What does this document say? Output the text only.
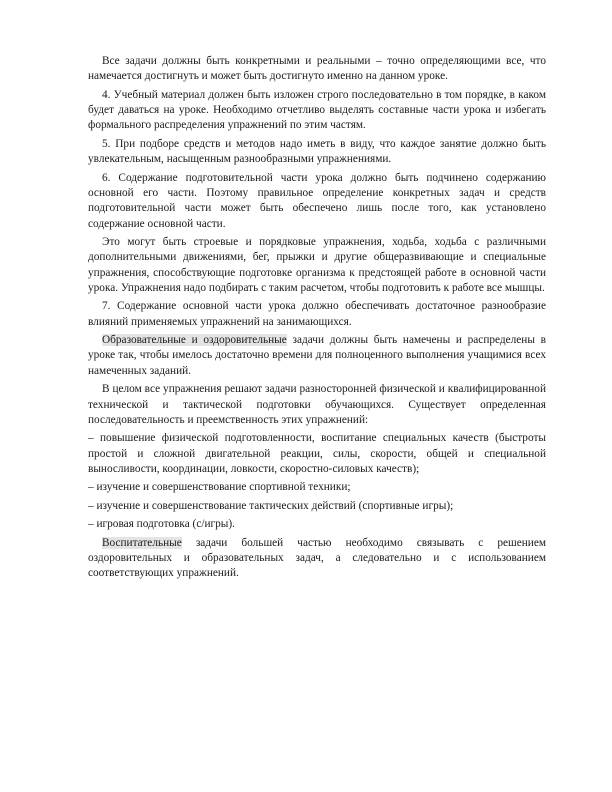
Все задачи должны быть конкретными и реальными – точно определяющими все, что намечается достигнуть и может быть достигнуто именно на данном уроке.

4. Учебный материал должен быть изложен строго последовательно в том порядке, в каком будет даваться на уроке. Необходимо отчетливо выделять составные части урока и избегать формального распределения упражнений по этим частям.

5. При подборе средств и методов надо иметь в виду, что каждое занятие должно быть увлекательным, насыщенным разнообразными упражнениями.

6. Содержание подготовительной части урока должно быть подчинено содержанию основной его части. Поэтому правильное определение конкретных задач и средств подготовительной части может быть обеспечено лишь после того, как установлено содержание основной части.

Это могут быть строевые и порядковые упражнения, ходьба, ходьба с различными дополнительными движениями, бег, прыжки и другие общеразвивающие и специальные упражнения, способствующие подготовке организма к предстоящей работе в основной части урока. Упражнения надо подбирать с таким расчетом, чтобы подготовить к работе все мышцы.

7. Содержание основной части урока должно обеспечивать достаточное разнообразие влияний применяемых упражнений на занимающихся.

Образовательные и оздоровительные задачи должны быть намечены и распределены в уроке так, чтобы имелось достаточно времени для полноценного выполнения учащимися всех намеченных заданий.

В целом все упражнения решают задачи разносторонней физической и квалифицированной технической и тактической подготовки обучающихся. Существует определенная последовательность и преемственность этих упражнений:

– повышение физической подготовленности, воспитание специальных качеств (быстроты простой и сложной двигательной реакции, силы, скорости, общей и специальной выносливости, координации, ловкости, скоростно-силовых качеств);

– изучение и совершенствование спортивной техники;

– изучение и совершенствование тактических действий (спортивные игры);

– игровая подготовка (с/игры).

Воспитательные задачи большей частью необходимо связывать с решением оздоровительных и образовательных задач, а следовательно и с использованием соответствующих упражнений.
